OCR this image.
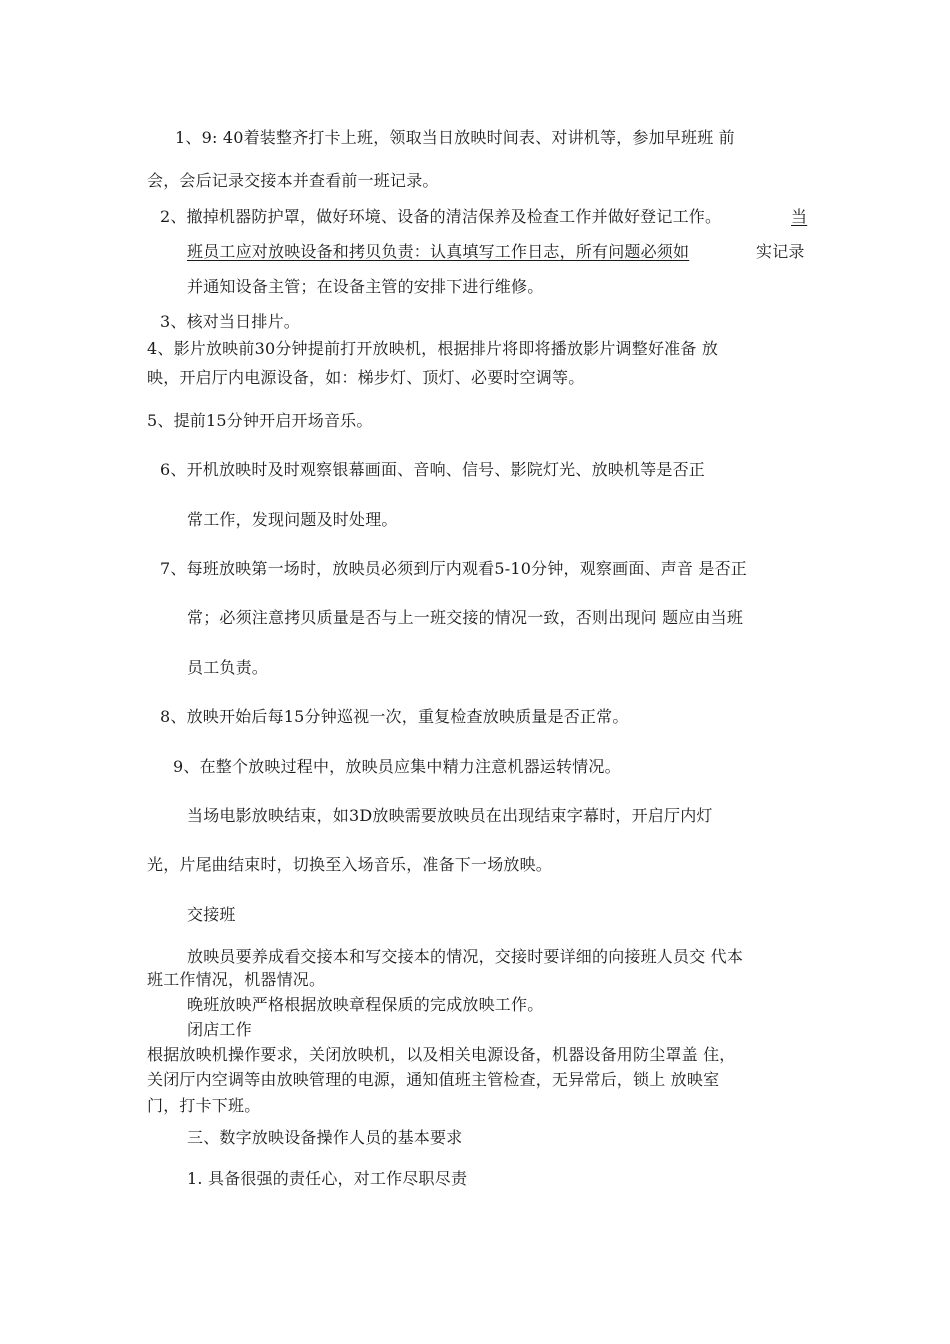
1、9: 40着装整齐打卡上班，领取当日放映时间表、对讲机等，参加早班班 前
会，会后记录交接本并查看前一班记录。
2、撤掉机器防护罩，做好环境、设备的清洁保养及检查工作并做好登记工作。	当
班员工应对放映设备和拷贝负责：认真填写工作日志，所有问题必须如	实记录
并通知设备主管；在设备主管的安排下进行维修。
3、核对当日排片。
4、影片放映前30分钟提前打开放映机，根据排片将即将播放影片调整好准备 放
映，开启厅内电源设备，如：梯步灯、顶灯、必要时空调等。
5、提前15分钟开启开场音乐。
6、开机放映时及时观察银幕画面、音响、信号、影院灯光、放映机等是否正
常工作，发现问题及时处理。
7、每班放映第一场时，放映员必须到厅内观看5-10分钟，观察画面、声音 是否正
常；必须注意拷贝质量是否与上一班交接的情况一致，否则出现问 题应由当班
员工负责。
8、放映开始后每15分钟巡视一次，重复检查放映质量是否正常。
9、在整个放映过程中，放映员应集中精力注意机器运转情况。
当场电影放映结束，如3D放映需要放映员在出现结束字幕时，开启厅内灯
光，片尾曲结束时，切换至入场音乐，准备下一场放映。
交接班
放映员要养成看交接本和写交接本的情况，交接时要详细的向接班人员交 代本
班工作情况，机器情况。
晚班放映严格根据放映章程保质的完成放映工作。
闭店工作
根据放映机操作要求，关闭放映机，以及相关电源设备，机器设备用防尘罩盖 住，
关闭厅内空调等由放映管理的电源，通知值班主管检查，无异常后，锁上 放映室
门，打卡下班。
三、数字放映设备操作人员的基本要求
1. 具备很强的责任心，对工作尽职尽责
